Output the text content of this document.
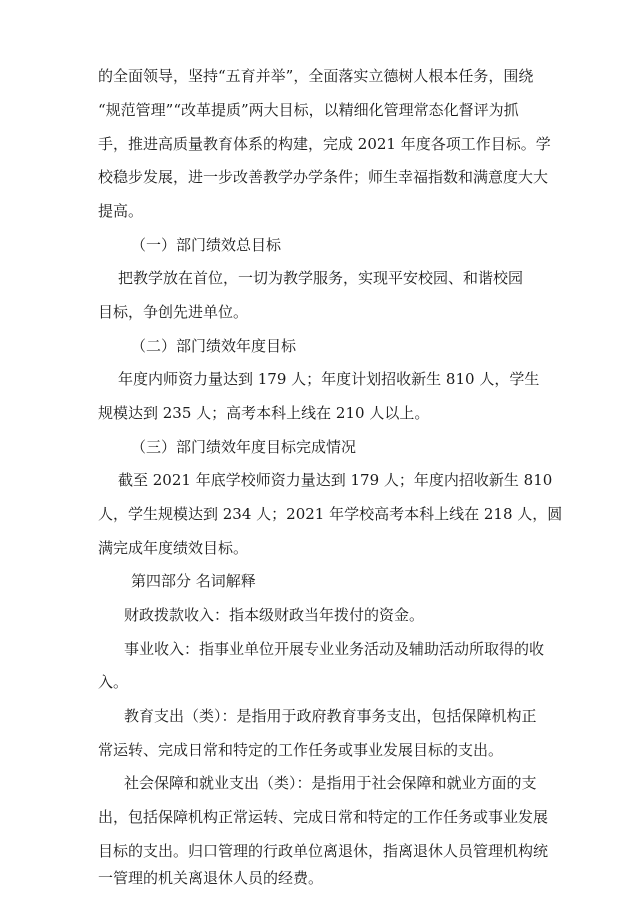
的全面领导，坚持“五育并举”，全面落实立德树人根本任务，围绕
“规范管理”“改革提质”两大目标，以精细化管理常态化督评为抓
手，推进高质量教育体系的构建，完成 2021 年度各项工作目标。学
校稳步发展，进一步改善教学办学条件；师生幸福指数和满意度大大
提高。
（一）部门绩效总目标
把教学放在首位，一切为教学服务，实现平安校园、和谐校园
目标，争创先进单位。
（二）部门绩效年度目标
年度内师资力量达到 179 人；年度计划招收新生 810 人，学生
规模达到 235 人；高考本科上线在 210 人以上。
（三）部门绩效年度目标完成情况
截至 2021 年底学校师资力量达到 179 人；年度内招收新生 810
人，学生规模达到 234 人；2021 年学校高考本科上线在 218 人，圆
满完成年度绩效目标。
第四部分 名词解释
财政拨款收入：指本级财政当年拨付的资金。
事业收入：指事业单位开展专业业务活动及辅助活动所取得的收
入。
教育支出（类）：是指用于政府教育事务支出，包括保障机构正
常运转、完成日常和特定的工作任务或事业发展目标的支出。
社会保障和就业支出（类）：是指用于社会保障和就业方面的支
出，包括保障机构正常运转、完成日常和特定的工作任务或事业发展
目标的支出。归口管理的行政单位离退休，指离退休人员管理机构统
一管理的机关离退休人员的经费。
